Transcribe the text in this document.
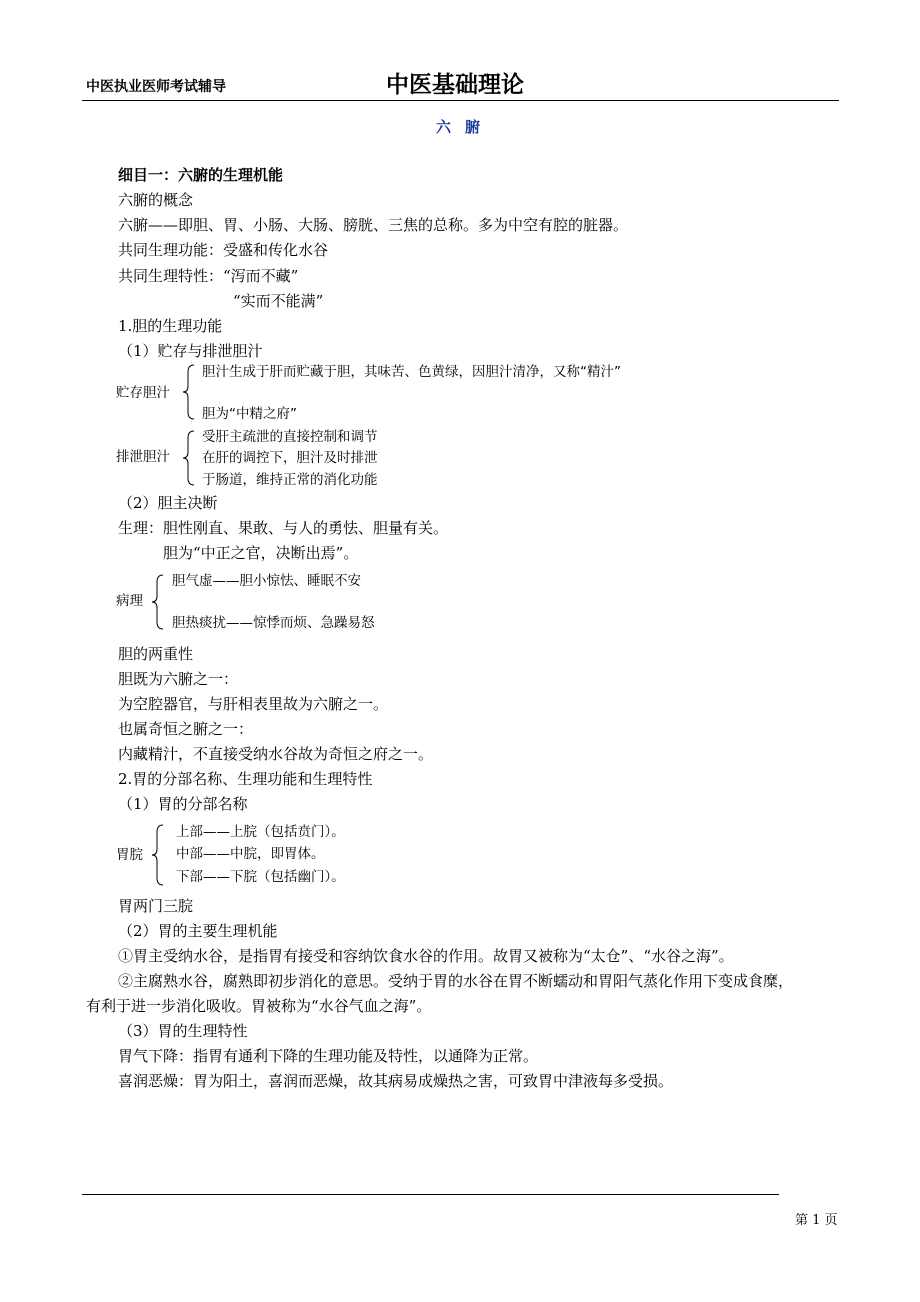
中医执业医师考试辅导	中医基础理论
六腑
细目一：六腑的生理机能
六腑的概念
六腑——即胆、胃、小肠、大肠、膀胱、三焦的总称。多为中空有腔的脏器。
共同生理功能：受盛和传化水谷
共同生理特性：“泻而不藏”
“实而不能满”
1.胆的生理功能
（1）贮存与排泄胆汁
贮存胆汁
胆汁生成于肝而贮藏于胆，其味苦、色黄绿，因胆汁清净，又称“精汁”
胆为“中精之府”
排泄胆汁
受肝主疏泄的直接控制和调节
在肝的调控下，胆汁及时排泄
于肠道，维持正常的消化功能
（2）胆主决断
生理：胆性刚直、果敢、与人的勇怯、胆量有关。
胆为“中正之官，决断出焉”。
病理
胆气虚——胆小惊怯、睡眠不安
胆热痰扰——惊悸而烦、急躁易怒
胆的两重性
胆既为六腑之一：
为空腔器官，与肝相表里故为六腑之一。
也属奇恒之腑之一：
内藏精汁，不直接受纳水谷故为奇恒之府之一。
2.胃的分部名称、生理功能和生理特性
（1）胃的分部名称
胃脘
上部——上脘（包括贲门）。
中部——中脘，即胃体。
下部——下脘（包括幽门）。
胃两门三脘
（2）胃的主要生理机能
①胃主受纳水谷，是指胃有接受和容纳饮食水谷的作用。故胃又被称为“太仓”、“水谷之海”。
②主腐熟水谷，腐熟即初步消化的意思。受纳于胃的水谷在胃不断蠕动和胃阳气蒸化作用下变成食糜，
有利于进一步消化吸收。胃被称为“水谷气血之海”。
（3）胃的生理特性
胃气下降：指胃有通利下降的生理功能及特性，以通降为正常。
喜润恶燥：胃为阳土，喜润而恶燥，故其病易成燥热之害，可致胃中津液每多受损。
第 1 页
